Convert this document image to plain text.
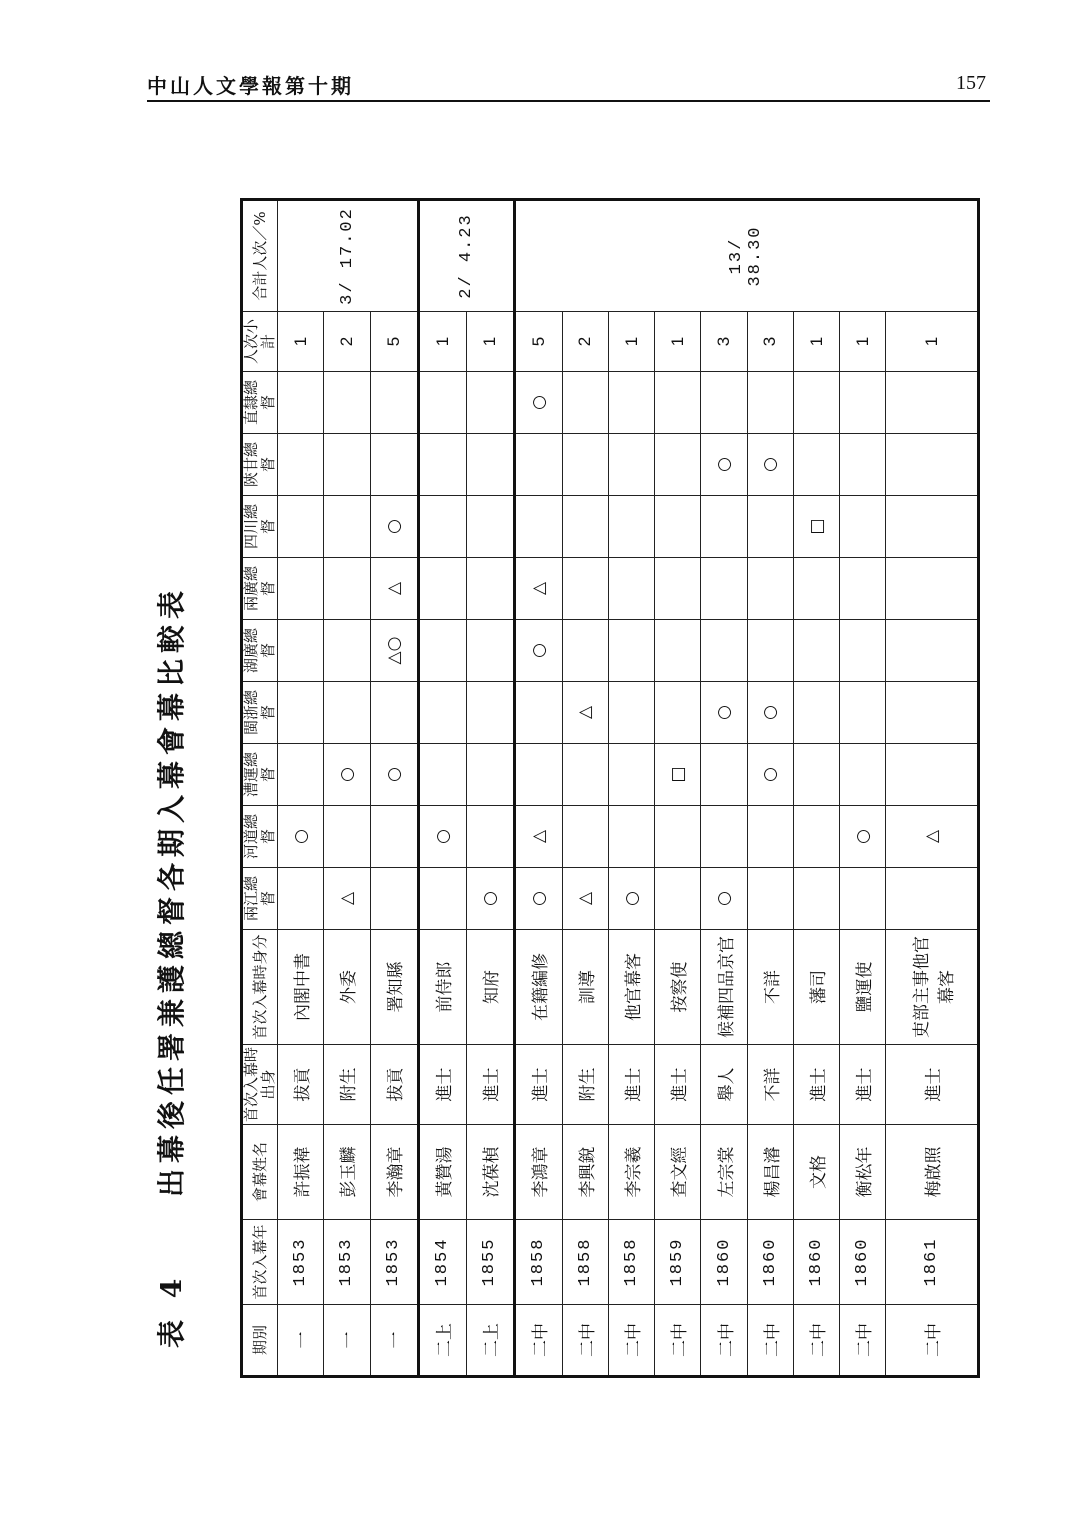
中山人文學報第十期	157
表 4 出幕後任署兼護總督各期入幕會幕比較表
期別	首次入幕年	會幕姓名	首次入幕時出身	首次入幕時身分	兩江總督	河道總督	漕運總督	閩浙總督	湖廣總督	兩廣總督	四川總督	陝甘總督	直隸總督	人次小計	合計人次／%
一	1853	許振褘	拔貢	內閣中書		○								1	3/ 17.02
一	1853	彭玉麟	附生	外委	△		○							2	
一	1853	李瀚章	拔貢	署知縣			○		△○	△	○			5	
二上	1854	黃贊湯	進士	前侍郎		○								1	2/ 4.23
二上	1855	沈葆楨	進士	知府	○									1	
二中	1858	李鴻章	進士	在籍編修	○	△			○	△			○	5	13/ 38.30
二中	1858	李興銳	附生	訓導	△			△						2	
二中	1858	李宗羲	進士	他官幕客	○									1	
二中	1859	查文經	進士	按察使			□							1	
二中	1860	左宗棠	舉人	候補四品京官	○			○				○		3	
二中	1860	楊昌濬	不詳	不詳			○	○				○		3	
二中	1860	文格	進士	藩司							□			1	
二中	1860	衡松年	進士	鹽運使		○								1	
二中	1861	梅啟照	進士	吏部主事他官幕客		△								1	
